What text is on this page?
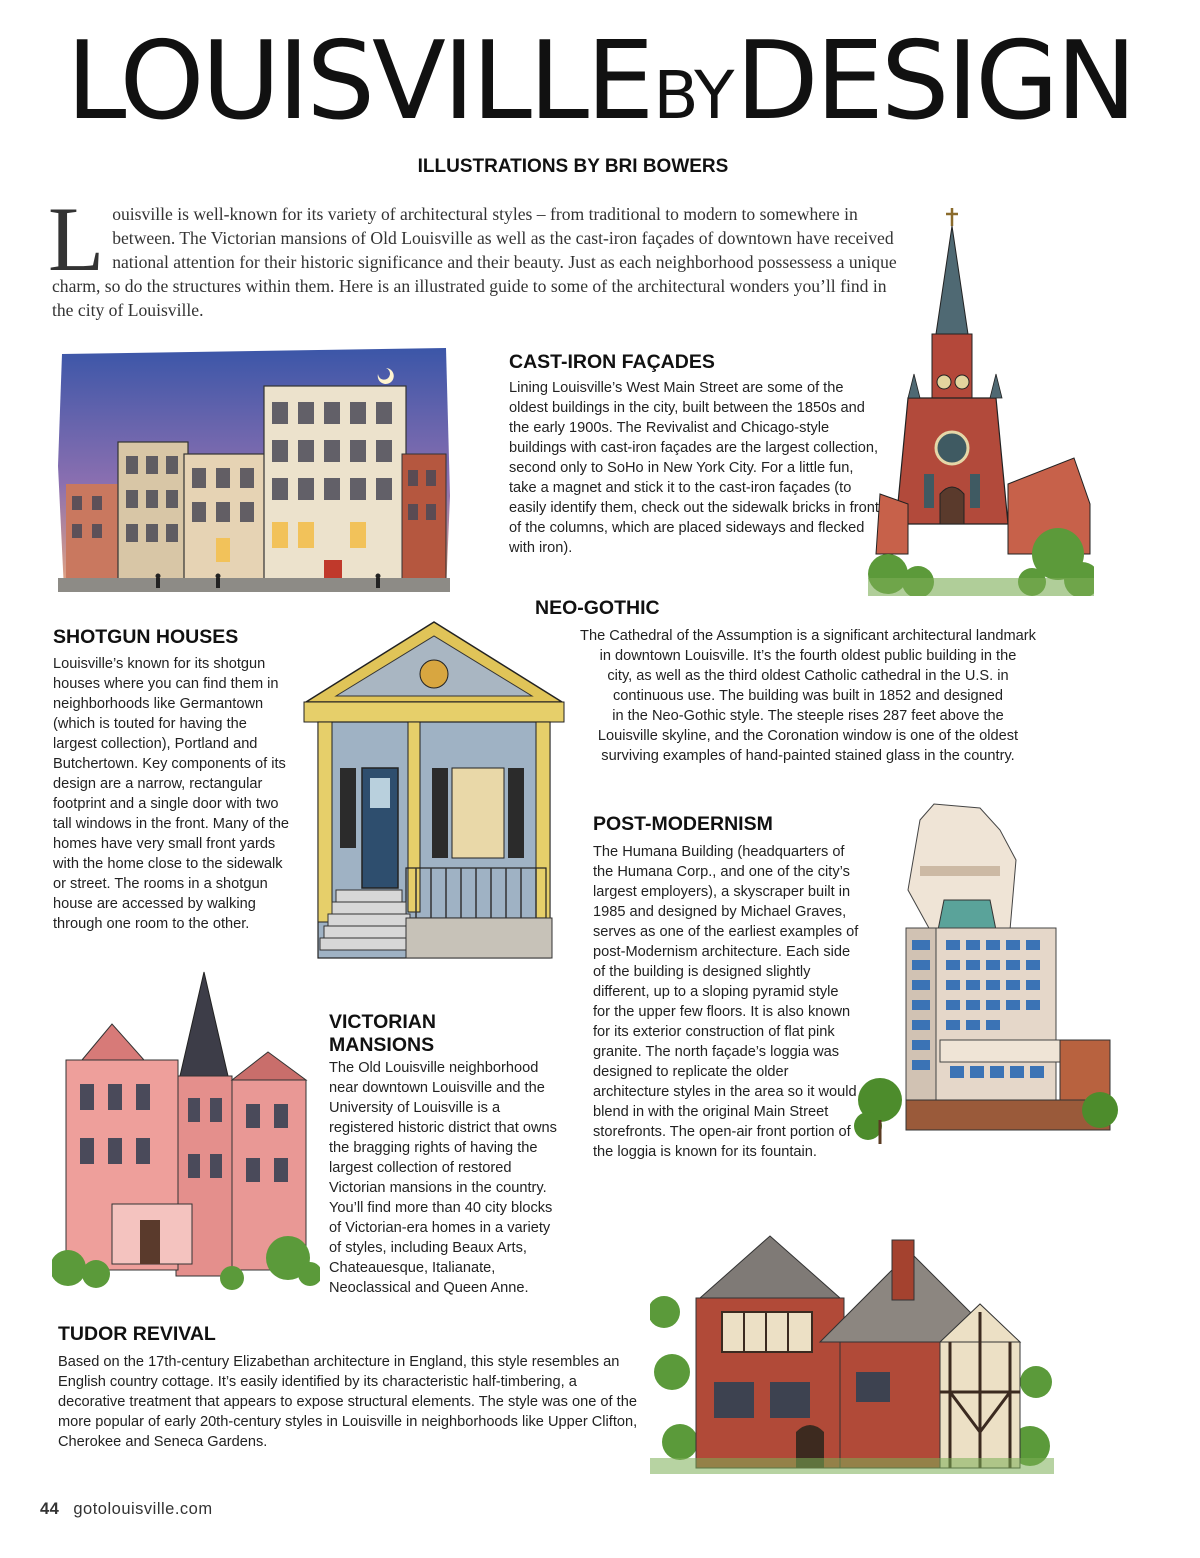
LOUISVILLE BY DESIGN
ILLUSTRATIONS BY BRI BOWERS
L ouisville is well-known for its variety of architectural styles – from traditional to modern to somewhere in between. The Victorian mansions of Old Louisville as well as the cast-iron façades of downtown have received national attention for their historic significance and their beauty. Just as each neighborhood possessess a unique charm, so do the structures within them. Here is an illustrated guide to some of the architectural wonders you’ll find in the city of Louisville.
CAST-IRON FAÇADES
Lining Louisville’s West Main Street are some of the oldest buildings in the city, built between the 1850s and the early 1900s. The Revivalist and Chicago-style buildings with cast-iron façades are the largest collection, second only to SoHo in New York City. For a little fun, take a magnet and stick it to the cast-iron façades (to easily identify them, check out the sidewalk bricks in front of the columns, which are placed sideways and flecked with iron).
NEO-GOTHIC
The Cathedral of the Assumption is a significant architectural landmark
in downtown Louisville. It’s the fourth oldest public building in the
city, as well as the third oldest Catholic cathedral in the U.S. in
continuous use. The building was built in 1852 and designed
in the Neo-Gothic style. The steeple rises 287 feet above the
Louisville skyline, and the Coronation window is one of the oldest
surviving examples of hand-painted stained glass in the country.
SHOTGUN HOUSES
Louisville’s known for its shotgun houses where you can find them in neighborhoods like Germantown (which is touted for having the largest collection), Portland and Butchertown. Key components of its design are a narrow, rectangular footprint and a single door with two tall windows in the front. Many of the homes have very small front yards with the home close to the sidewalk or street. The rooms in a shotgun house are accessed by walking through one room to the other.
POST-MODERNISM
The Humana Building (headquarters of the Humana Corp., and one of the city’s largest employers), a skyscraper built in 1985 and designed by Michael Graves, serves as one of the earliest examples of post-Modernism architecture. Each side of the building is designed slightly different, up to a sloping pyramid style for the upper few floors. It is also known for its exterior construction of flat pink granite. The north façade’s loggia was designed to replicate the older architecture styles in the area so it would blend in with the original Main Street storefronts. The open-air front portion of the loggia is known for its fountain.
VICTORIAN MANSIONS
The Old Louisville neighborhood near downtown Louisville and the University of Louisville is a registered historic district that owns the bragging rights of having the largest collection of restored Victorian mansions in the country. You’ll find more than 40 city blocks of Victorian-era homes in a variety of styles, including Beaux Arts, Chateauesque, Italianate, Neoclassical and Queen Anne.
TUDOR REVIVAL
Based on the 17th-century Elizabethan architecture in England, this style resembles an English country cottage. It’s easily identified by its characteristic half-timbering, a decorative treatment that appears to expose structural elements. The style was one of the more popular of early 20th-century styles in Louisville in neighborhoods like Upper Clifton, Cherokee and Seneca Gardens.
44 gotolouisville.com
